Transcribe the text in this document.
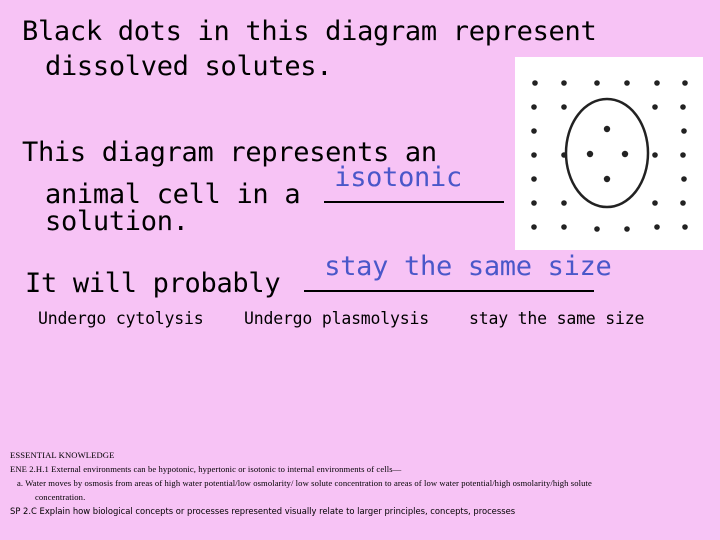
Black dots in this diagram represent
dissolved solutes.
This diagram represents an
animal cell in a
isotonic
solution.
It will probably
stay the same size
Undergo cytolysis Undergo plasmolysis stay the same size
ESSENTIAL KNOWLEDGE
ENE 2.H.1 External environments can be hypotonic, hypertonic or isotonic to internal environments of cells—
a. Water moves by osmosis from areas of high water potential/low osmolarity/ low solute concentration to areas of low water potential/high osmolarity/high solute
concentration.
SP 2.C Explain how biological concepts or processes represented visually relate to larger principles, concepts, processes
